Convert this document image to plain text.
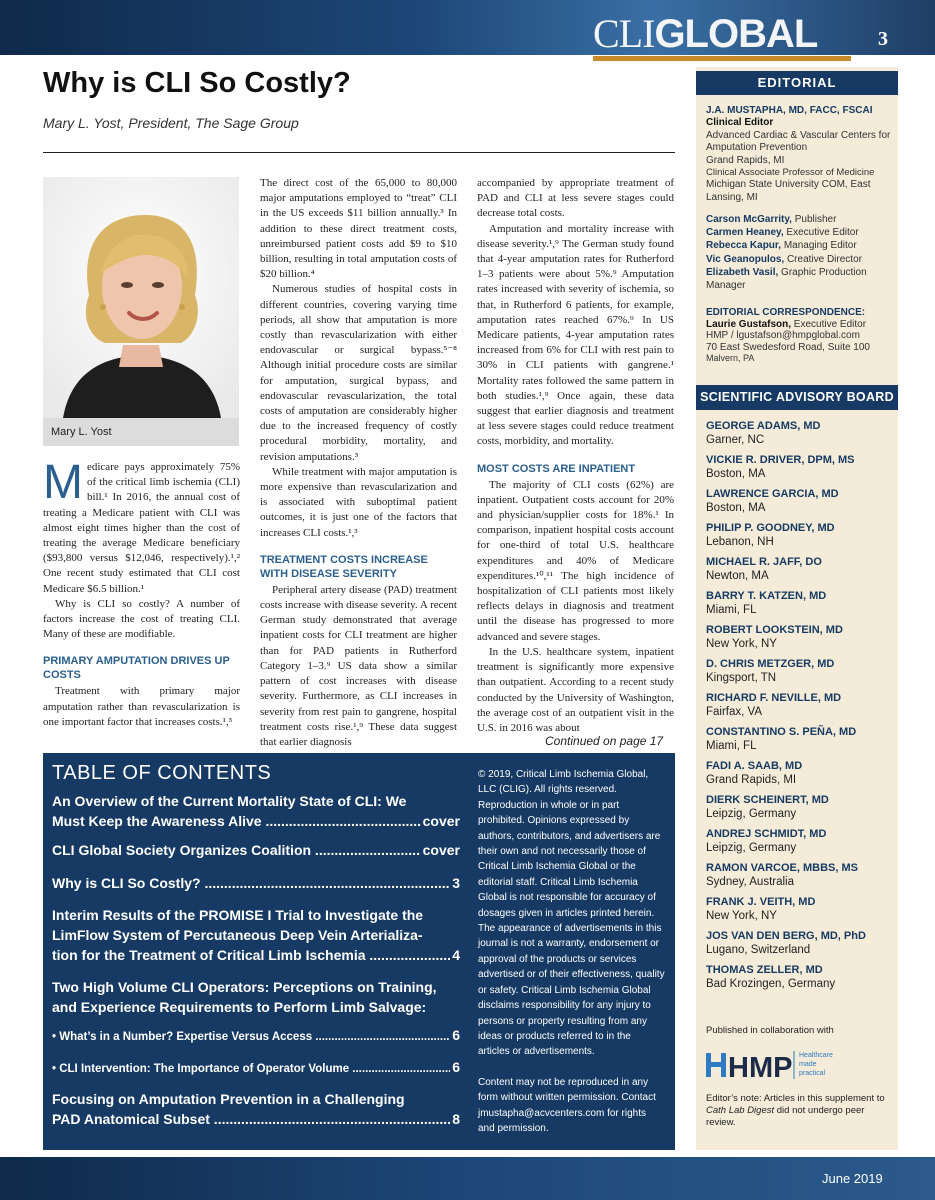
CLIGLOBAL	3
Why is CLI So Costly?
Mary L. Yost, President, The Sage Group
Mary L. Yost

Medicare pays approximately 75% of the critical limb ischemia (CLI) bill.¹ In 2016, the annual cost of treating a Medicare patient with CLI was almost eight times higher than the cost of treating the average Medicare beneficiary ($93,800 versus $12,046, respectively).¹,² One recent study estimated that CLI cost Medicare $6.5 billion.¹

Why is CLI so costly? A number of factors increase the cost of treating CLI. Many of these are modifiable.

PRIMARY AMPUTATION DRIVES UP COSTS

Treatment with primary major amputation rather than revascularization is one important factor that increases costs.¹,³

The direct cost of the 65,000 to 80,000 major amputations employed to “treat” CLI in the US exceeds $11 billion annually.³ In addition to these direct treatment costs, unreimbursed patient costs add $9 to $10 billion, resulting in total amputation costs of $20 billion.⁴

Numerous studies of hospital costs in different countries, covering varying time periods, all show that amputation is more costly than revascularization with either endovascular or surgical bypass.⁵⁻⁸ Although initial procedure costs are similar for amputation, surgical bypass, and endovascular revascularization, the total costs of amputation are considerably higher due to the increased frequency of costly procedural morbidity, mortality, and revision amputations.³

While treatment with major amputation is more expensive than revascularization and is associated with suboptimal patient outcomes, it is just one of the factors that increases CLI costs.¹,³

TREATMENT COSTS INCREASE WITH DISEASE SEVERITY

Peripheral artery disease (PAD) treatment costs increase with disease severity. A recent German study demonstrated that average inpatient costs for CLI treatment are higher than for PAD patients in Rutherford Category 1–3.⁹ US data show a similar pattern of cost increases with disease severity. Furthermore, as CLI increases in severity from rest pain to gangrene, hospital treatment costs rise.¹,⁹ These data suggest that earlier diagnosis

accompanied by appropriate treatment of PAD and CLI at less severe stages could decrease total costs.

Amputation and mortality increase with disease severity.¹,⁹ The German study found that 4-year amputation rates for Rutherford 1–3 patients were about 5%.⁹ Amputation rates increased with severity of ischemia, so that, in Rutherford 6 patients, for example, amputation rates reached 67%.⁹ In US Medicare patients, 4-year amputation rates increased from 6% for CLI with rest pain to 30% in CLI patients with gangrene.¹ Mortality rates followed the same pattern in both studies.¹,⁹ Once again, these data suggest that earlier diagnosis and treatment at less severe stages could reduce treatment costs, morbidity, and mortality.

MOST COSTS ARE INPATIENT

The majority of CLI costs (62%) are inpatient. Outpatient costs account for 20% and physician/supplier costs for 18%.¹ In comparison, inpatient hospital costs account for one-third of total U.S. healthcare expenditures and 40% of Medicare expenditures.¹⁰,¹¹ The high incidence of hospitalization of CLI patients most likely reflects delays in diagnosis and treatment until the disease has progressed to more advanced and severe stages.

In the U.S. healthcare system, inpatient treatment is significantly more expensive than outpatient. According to a recent study conducted by the University of Washington, the average cost of an outpatient visit in the U.S. in 2016 was about

Continued on page 17
TABLE OF CONTENTS
An Overview of the Current Mortality State of CLI: We
Must Keep the Awareness Alive .....	cover
CLI Global Society Organizes Coalition .....	cover
Why is CLI So Costly? .....	3
Interim Results of the PROMISE I Trial to Investigate the
LimFlow System of Percutaneous Deep Vein Arterializa-
tion for the Treatment of Critical Limb Ischemia .....	4
Two High Volume CLI Operators: Perceptions on Training,
and Experience Requirements to Perform Limb Salvage:
• What’s in a Number? Expertise Versus Access .....	6
• CLI Intervention: The Importance of Operator Volume .....	6
Focusing on Amputation Prevention in a Challenging
PAD Anatomical Subset .....	8
© 2019, Critical Limb Ischemia Global, LLC (CLIG). All rights reserved. Reproduction in whole or in part prohibited. Opinions expressed by authors, contributors, and advertisers are their own and not necessarily those of Critical Limb Ischemia Global or the editorial staff. Critical Limb Ischemia Global is not responsible for accuracy of dosages given in articles printed herein. The appearance of advertisements in this journal is not a warranty, endorsement or approval of the products or services advertised or of their effectiveness, quality or safety. Critical Limb Ischemia Global disclaims responsibility for any injury to persons or property resulting from any ideas or products referred to in the articles or advertisements.
Content may not be reproduced in any form without written permission. Contact jmustapha@acvcenters.com for rights and permission.
EDITORIAL
J.A. MUSTAPHA, MD, FACC, FSCAI
Clinical Editor
Advanced Cardiac & Vascular Centers for Amputation Prevention
Grand Rapids, MI
Clinical Associate Professor of Medicine
Michigan State University COM, East Lansing, MI
Carson McGarrity, Publisher
Carmen Heaney, Executive Editor
Rebecca Kapur, Managing Editor
Vic Geanopulos, Creative Director
Elizabeth Vasil, Graphic Production Manager
EDITORIAL CORRESPONDENCE:
Laurie Gustafson, Executive Editor
HMP / lgustafson@hmpglobal.com
70 East Swedesford Road, Suite 100
Malvern, PA
SCIENTIFIC ADVISORY BOARD
GEORGE ADAMS, MD
Garner, NC
VICKIE R. DRIVER, DPM, MS
Boston, MA
LAWRENCE GARCIA, MD
Boston, MA
PHILIP P. GOODNEY, MD
Lebanon, NH
MICHAEL R. JAFF, DO
Newton, MA
BARRY T. KATZEN, MD
Miami, FL
ROBERT LOOKSTEIN, MD
New York, NY
D. CHRIS METZGER, MD
Kingsport, TN
RICHARD F. NEVILLE, MD
Fairfax, VA
CONSTANTINO S. PEÑA, MD
Miami, FL
FADI A. SAAB, MD
Grand Rapids, MI
DIERK SCHEINERT, MD
Leipzig, Germany
ANDREJ SCHMIDT, MD
Leipzig, Germany
RAMON VARCOE, MBBS, MS
Sydney, Australia
FRANK J. VEITH, MD
New York, NY
JOS VAN DEN BERG, MD, PhD
Lugano, Switzerland
THOMAS ZELLER, MD
Bad Krozingen, Germany
Published in collaboration with
HMP Healthcare
made
practical
Editor’s note: Articles in this supplement to Cath Lab Digest did not undergo peer review.
June 2019
